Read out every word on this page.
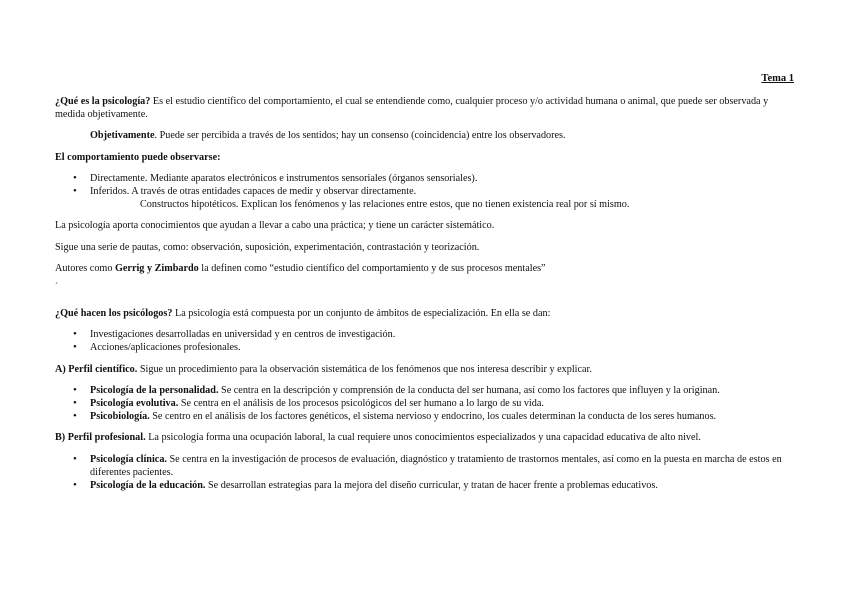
Tema 1

¿Qué es la psicología? Es el estudio científico del comportamiento, el cual se entendiende como, cualquier proceso y/o actividad humana o animal, que puede ser observada y medida objetivamente.

Objetivamente. Puede ser percibida a través de los sentidos; hay un consenso (coincidencia) entre los observadores.

El comportamiento puede observarse:

• Directamente. Mediante aparatos electrónicos e instrumentos sensoriales (órganos sensoriales).
• Inferidos. A través de otras entidades capaces de medir y observar directamente.
Constructos hipotéticos. Explican los fenómenos y las relaciones entre estos, que no tienen existencia real por sí mismo.

La psicología aporta conocimientos que ayudan a llevar a cabo una práctica; y tiene un carácter sistemático.

Sigue una serie de pautas, como: observación, suposición, experimentación, contrastación y teorización.

Autores como Gerrig y Zimbardo la definen como “estudio científico del comportamiento y de sus procesos mentales”

´

¿Qué hacen los psicólogos? La psicología está compuesta por un conjunto de ámbitos de especialización. En ella se dan:

• Investigaciones desarrolladas en universidad y en centros de investigación.
• Acciones/aplicaciones profesionales.

A) Perfil científico. Sigue un procedimiento para la observación sistemática de los fenómenos que nos interesa describir y explicar.

• Psicología de la personalidad. Se centra en la descripción y comprensión de la conducta del ser humana, así como los factores que influyen y la originan.
• Psicología evolutiva. Se centra en el análisis de los procesos psicológicos del ser humano a lo largo de su vida.
• Psicobiología. Se centro en el análisis de los factores genéticos, el sistema nervioso y endocrino, los cuales determinan la conducta de los seres humanos.

B) Perfil profesional. La psicología forma una ocupación laboral, la cual requiere unos conocimientos especializados y una capacidad educativa de alto nivel.

• Psicología clínica. Se centra en la investigación de procesos de evaluación, diagnóstico y tratamiento de trastornos mentales, así como en la puesta en marcha de estos en diferentes pacientes.
• Psicología de la educación. Se desarrollan estrategias para la mejora del diseño curricular, y tratan de hacer frente a problemas educativos.
